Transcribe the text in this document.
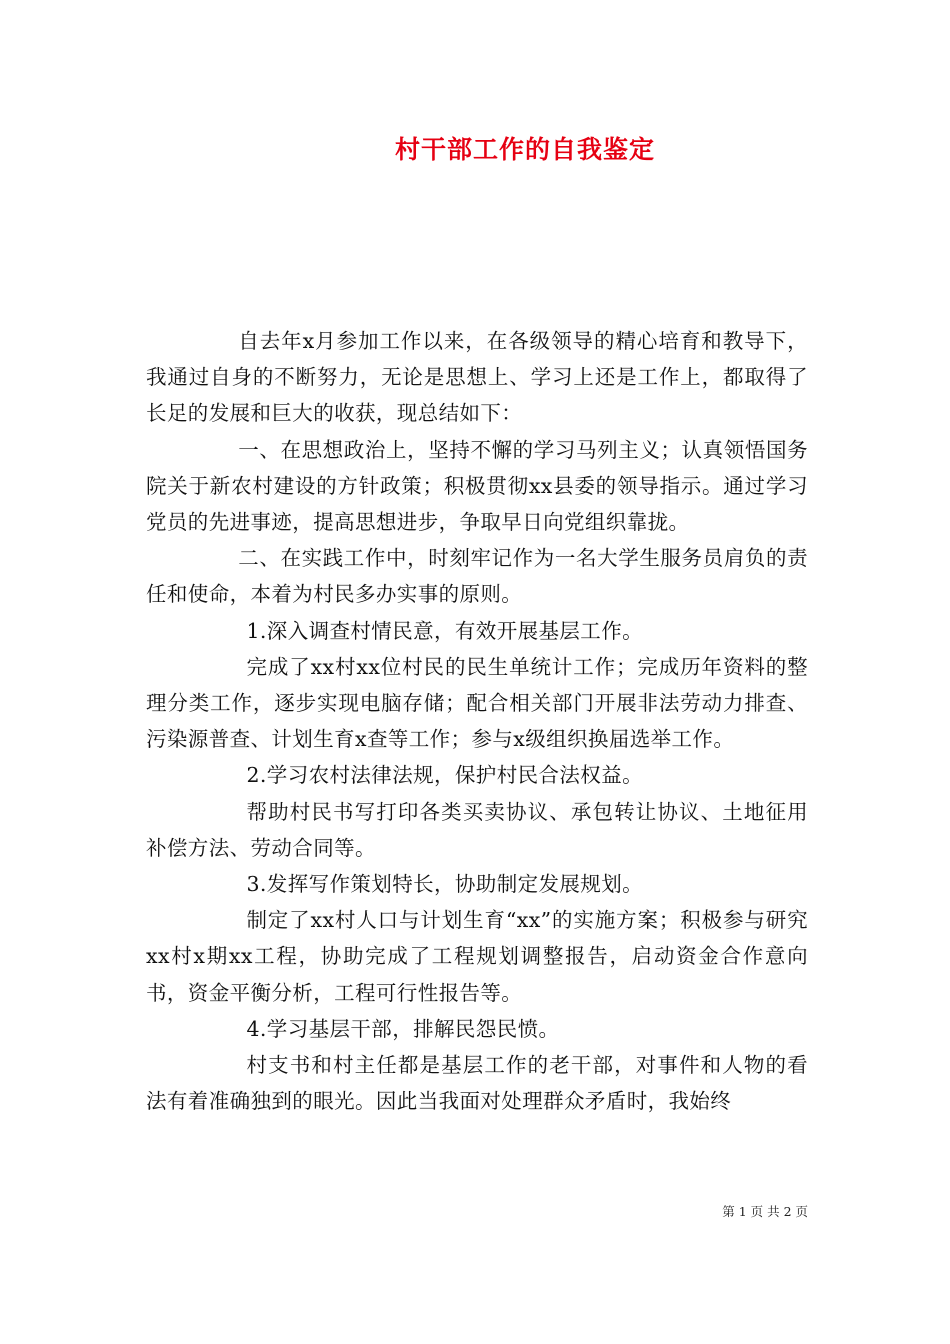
村干部工作的自我鉴定

自去年x月参加工作以来，在各级领导的精心培育和教导下，我通过自身的不断努力，无论是思想上、学习上还是工作上，都取得了长足的发展和巨大的收获，现总结如下：

一、在思想政治上，坚持不懈的学习马列主义；认真领悟国务院关于新农村建设的方针政策；积极贯彻xx县委的领导指示。通过学习党员的先进事迹，提高思想进步，争取早日向党组织靠拢。

二、在实践工作中，时刻牢记作为一名大学生服务员肩负的责任和使命，本着为村民多办实事的原则。

1.深入调查村情民意，有效开展基层工作。

完成了xx村xx位村民的民生单统计工作；完成历年资料的整理分类工作，逐步实现电脑存储；配合相关部门开展非法劳动力排查、污染源普查、计划生育x查等工作；参与x级组织换届选举工作。

2.学习农村法律法规，保护村民合法权益。

帮助村民书写打印各类买卖协议、承包转让协议、土地征用补偿方法、劳动合同等。

3.发挥写作策划特长，协助制定发展规划。

制定了xx村人口与计划生育“xx”的实施方案；积极参与研究xx村x期xx工程，协助完成了工程规划调整报告，启动资金合作意向书，资金平衡分析，工程可行性报告等。

4.学习基层干部，排解民怨民愤。

村支书和村主任都是基层工作的老干部，对事件和人物的看法有着准确独到的眼光。因此当我面对处理群众矛盾时，我始终

第 1 页 共 2 页
